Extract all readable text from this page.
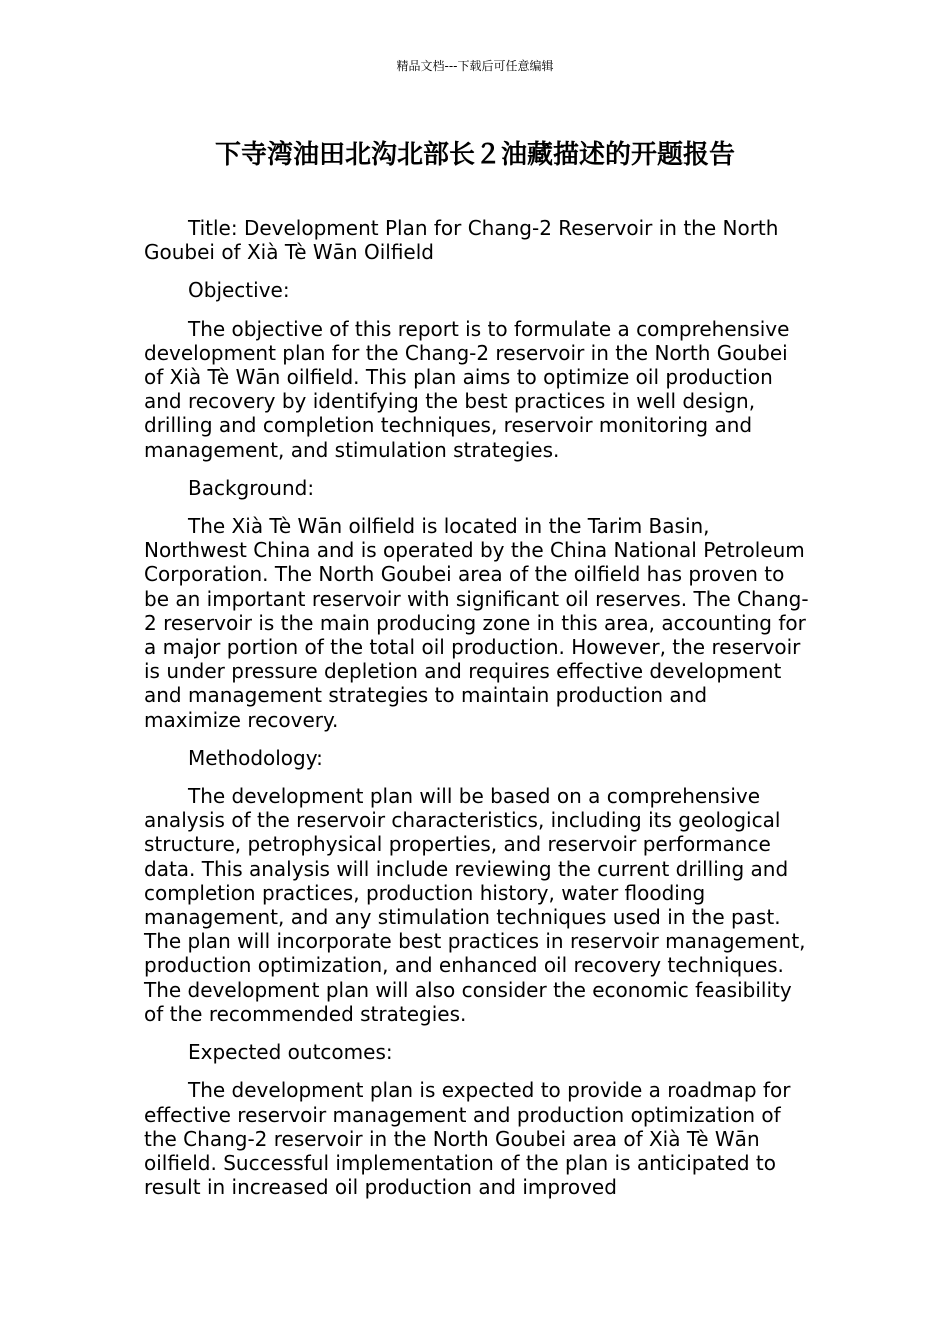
精品文档---下载后可任意编辑
下寺湾油田北沟北部长２油藏描述的开题报告

Title: Development Plan for Chang-2 Reservoir in the North Goubei of Xià Tè Wān Oilfield

Objective:

The objective of this report is to formulate a comprehensive development plan for the Chang-2 reservoir in the North Goubei of Xià Tè Wān oilfield. This plan aims to optimize oil production and recovery by identifying the best practices in well design, drilling and completion techniques, reservoir monitoring and management, and stimulation strategies.

Background:

The Xià Tè Wān oilfield is located in the Tarim Basin, Northwest China and is operated by the China National Petroleum Corporation. The North Goubei area of the oilfield has proven to be an important reservoir with significant oil reserves. The Chang-2 reservoir is the main producing zone in this area, accounting for a major portion of the total oil production. However, the reservoir is under pressure depletion and requires effective development and management strategies to maintain production and maximize recovery.

Methodology:

The development plan will be based on a comprehensive analysis of the reservoir characteristics, including its geological structure, petrophysical properties, and reservoir performance data. This analysis will include reviewing the current drilling and completion practices, production history, water flooding management, and any stimulation techniques used in the past. The plan will incorporate best practices in reservoir management, production optimization, and enhanced oil recovery techniques. The development plan will also consider the economic feasibility of the recommended strategies.

Expected outcomes:

The development plan is expected to provide a roadmap for effective reservoir management and production optimization of the Chang-2 reservoir in the North Goubei area of Xià Tè Wān oilfield. Successful implementation of the plan is anticipated to result in increased oil production and improved
